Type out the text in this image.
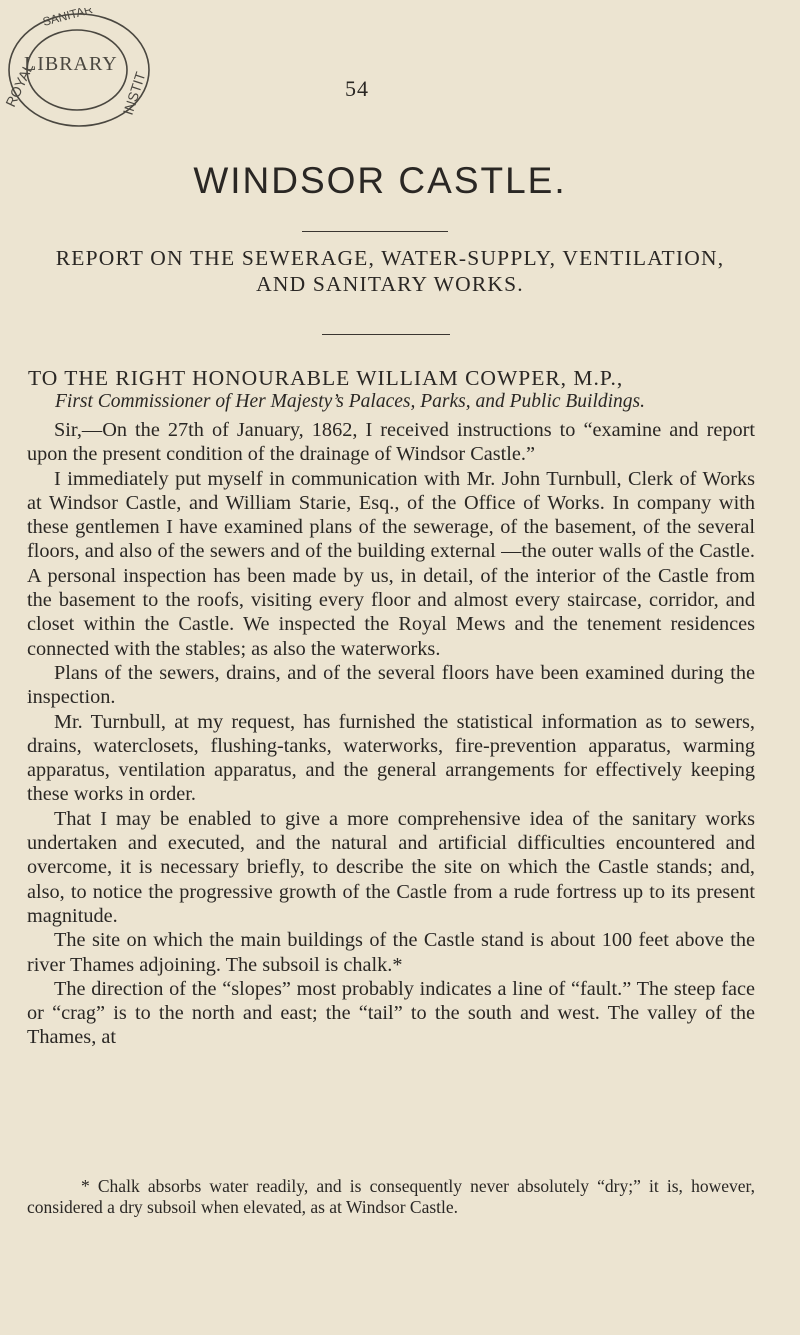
LIBRARY
ROYAL	INSTIT
SANITAR
54
WINDSOR CASTLE.
REPORT ON THE SEWERAGE, WATER-SUPPLY, VENTILATION, AND SANITARY WORKS.
TO THE RIGHT HONOURABLE WILLIAM COWPER, M.P.,
First Commissioner of Her Majesty’s Palaces, Parks, and Public Buildings.

Sir,—On the 27th of January, 1862, I received instructions to “examine and report upon the present condition of the drainage of Windsor Castle.”

I immediately put myself in communication with Mr. John Turnbull, Clerk of Works at Windsor Castle, and William Starie, Esq., of the Office of Works. In company with these gentlemen I have examined plans of the sewerage, of the basement, of the several floors, and also of the sewers and of the building external —the outer walls of the Castle. A personal inspection has been made by us, in detail, of the interior of the Castle from the basement to the roofs, visiting every floor and almost every staircase, corridor, and closet within the Castle. We inspected the Royal Mews and the tenement residences connected with the stables; as also the waterworks.

Plans of the sewers, drains, and of the several floors have been examined during the inspection.

Mr. Turnbull, at my request, has furnished the statistical information as to sewers, drains, waterclosets, flushing-tanks, waterworks, fire-prevention apparatus, warming apparatus, ventilation apparatus, and the general arrangements for effectively keeping these works in order.

That I may be enabled to give a more comprehensive idea of the sanitary works undertaken and executed, and the natural and artificial difficulties encountered and overcome, it is necessary briefly, to describe the site on which the Castle stands; and, also, to notice the progressive growth of the Castle from a rude fortress up to its present magnitude.

The site on which the main buildings of the Castle stand is about 100 feet above the river Thames adjoining. The subsoil is chalk.*

The direction of the “slopes” most probably indicates a line of “fault.” The steep face or “crag” is to the north and east; the “tail” to the south and west. The valley of the Thames, at

* Chalk absorbs water readily, and is consequently never absolutely “dry;” it is, however, considered a dry subsoil when elevated, as at Windsor Castle.
